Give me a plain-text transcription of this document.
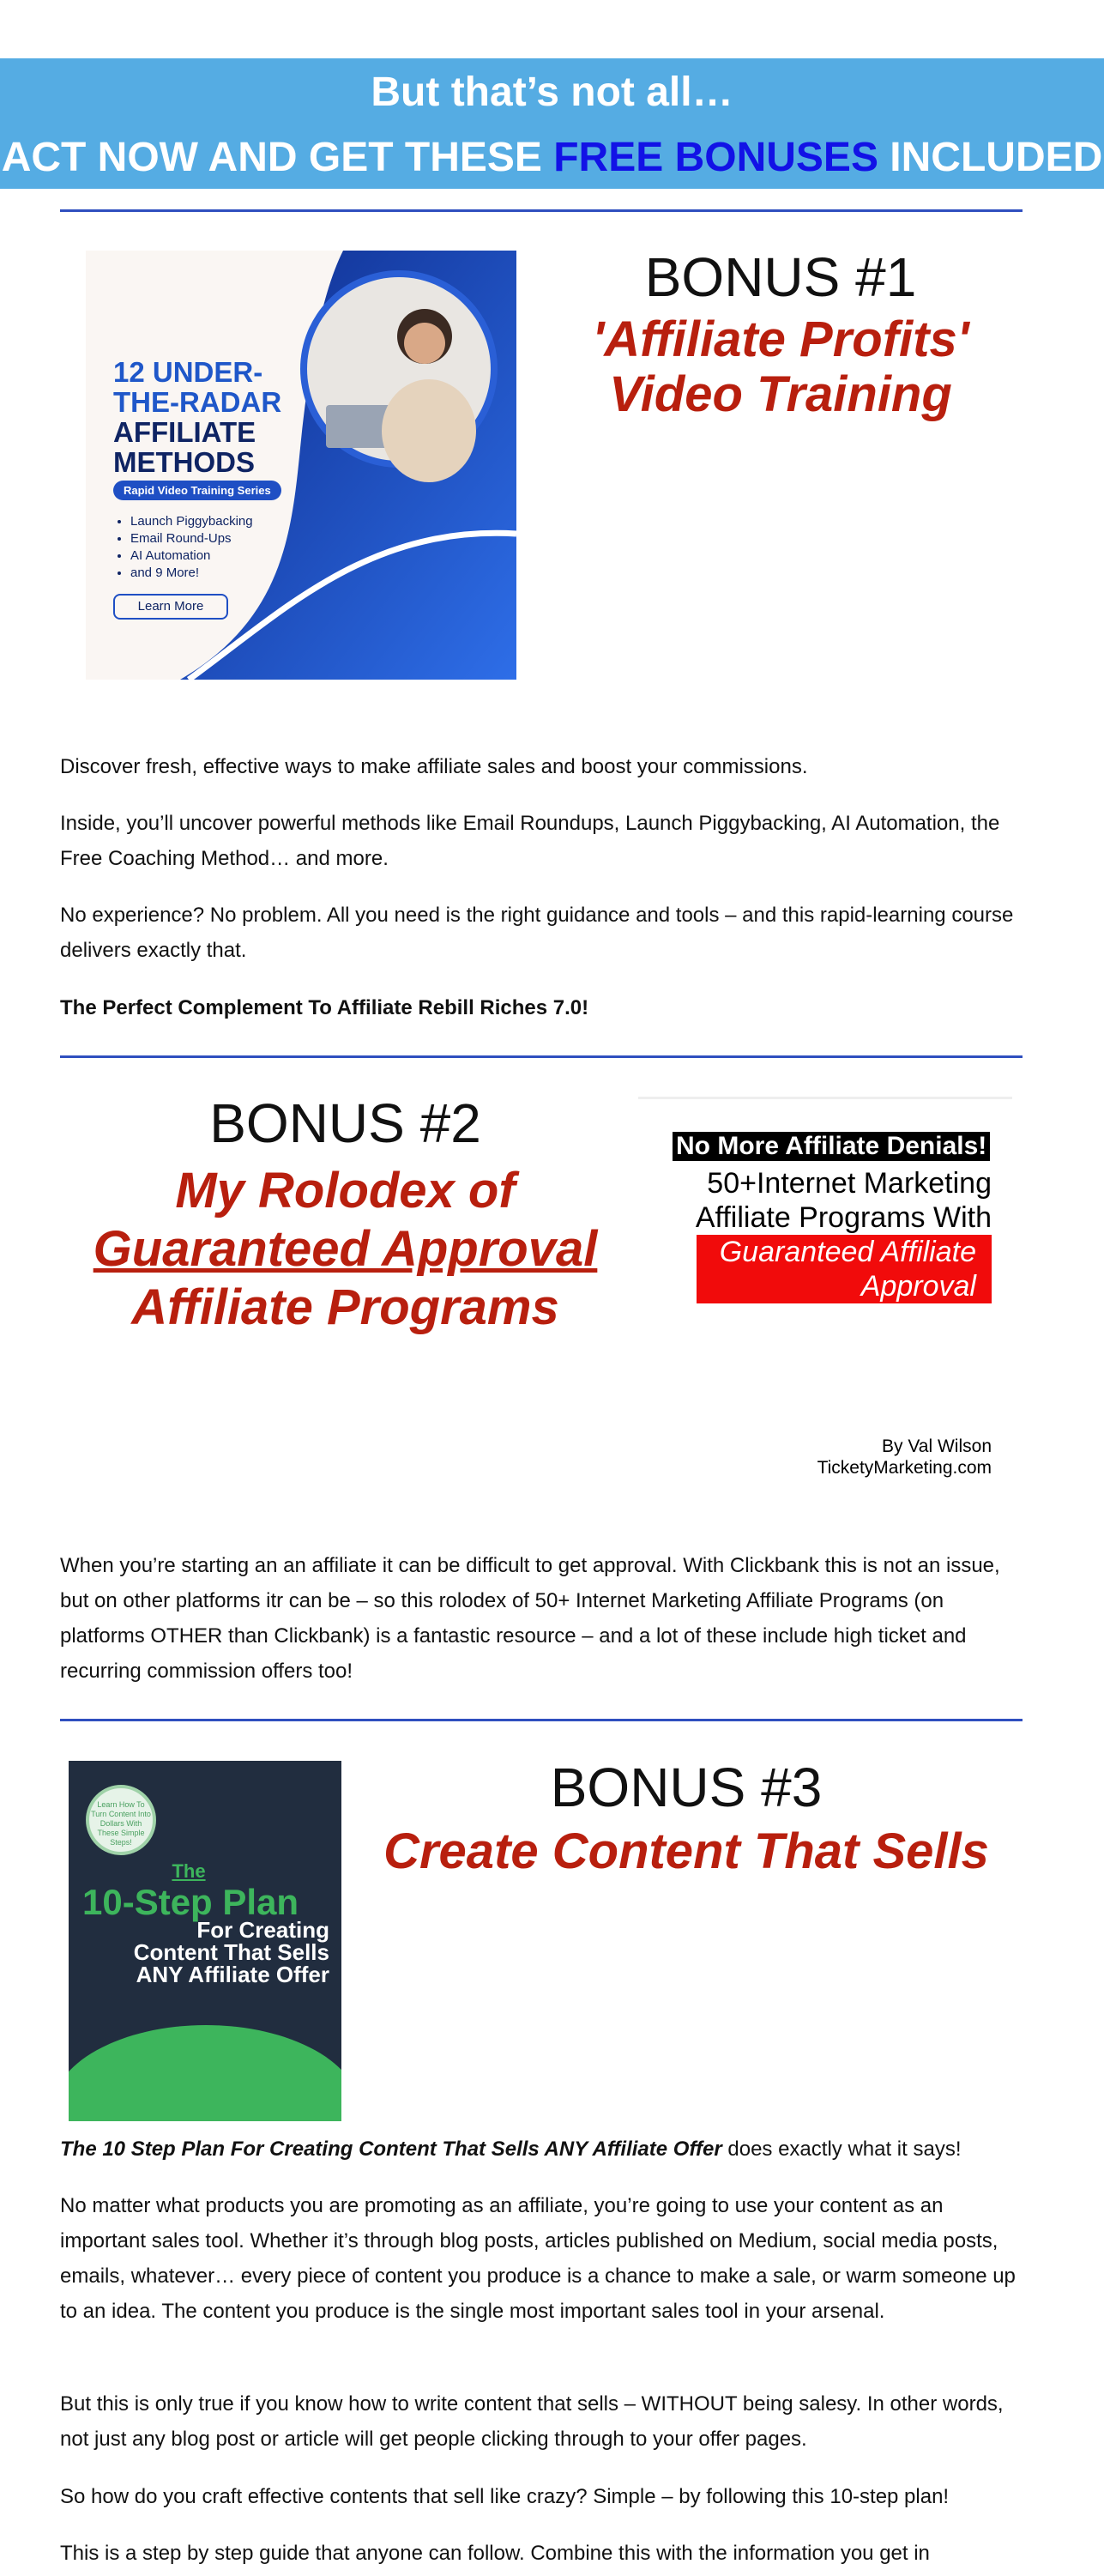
But that’s not all…
ACT NOW AND GET THESE FREE BONUSES INCLUDED
12 UNDER-
THE-RADAR
AFFILIATE
METHODS
Rapid Video Training Series
• Launch Piggybacking
• Email Round-Ups
• AI Automation
• and 9 More!
Learn More
BONUS #1
'Affiliate Profits'
Video Training
Discover fresh, effective ways to make affiliate sales and boost your commissions.
Inside, you’ll uncover powerful methods like Email Roundups, Launch Piggybacking, AI Automation, the Free Coaching Method… and more.
No experience? No problem. All you need is the right guidance and tools – and this rapid-learning course delivers exactly that.
The Perfect Complement To Affiliate Rebill Riches 7.0!
BONUS #2
My Rolodex of
Guaranteed Approval
Affiliate Programs
No More Affiliate Denials!
50+Internet Marketing
Affiliate Programs With
Guaranteed Affiliate
Approval
By Val Wilson
TicketyMarketing.com
When you’re starting an an affiliate it can be difficult to get approval. With Clickbank this is not an issue, but on other platforms itr can be – so this rolodex of 50+ Internet Marketing Affiliate Programs (on platforms OTHER than Clickbank) is a fantastic resource – and a lot of these include high ticket and recurring commission offers too!
Learn How To Turn Content Into Dollars With These Simple Steps!
The
10-Step Plan
For Creating
Content That Sells
ANY Affiliate Offer
BONUS #3
Create Content That Sells
The 10 Step Plan For Creating Content That Sells ANY Affiliate Offer does exactly what it says!
No matter what products you are promoting as an affiliate, you’re going to use your content as an important sales tool. Whether it’s through blog posts, articles published on Medium, social media posts, emails, whatever… every piece of content you produce is a chance to make a sale, or warm someone up to an idea. The content you produce is the single most important sales tool in your arsenal.
But this is only true if you know how to write content that sells – WITHOUT being salesy. In other words, not just any blog post or article will get people clicking through to your offer pages.
So how do you craft effective contents that sell like crazy? Simple – by following this 10-step plan!
This is a step by step guide that anyone can follow. Combine this with the information you get in
